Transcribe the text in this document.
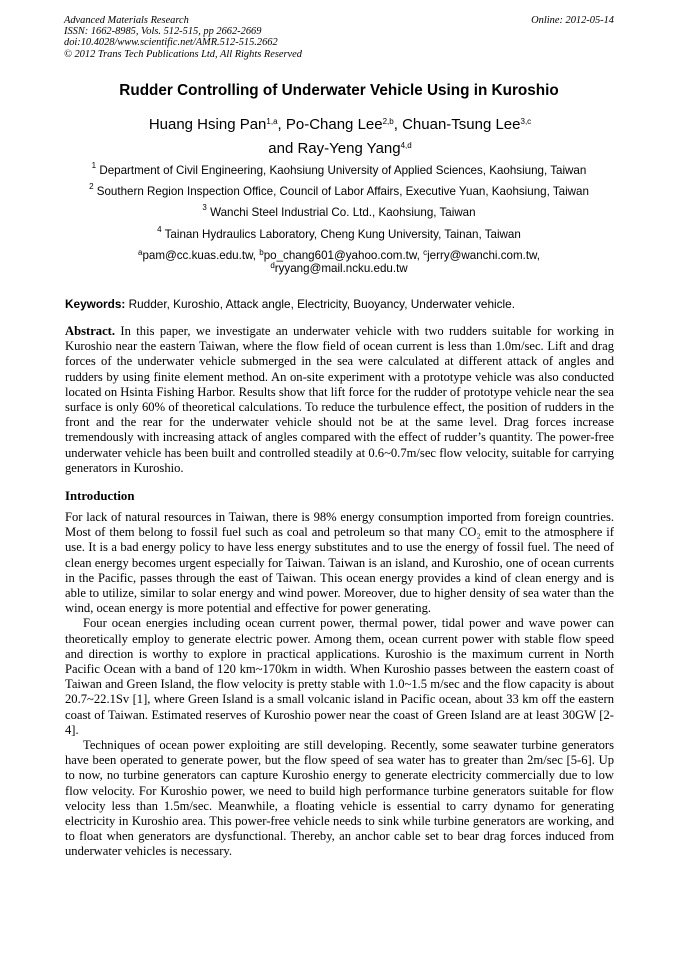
Advanced Materials Research
ISSN: 1662-8985, Vols. 512-515, pp 2662-2669
doi:10.4028/www.scientific.net/AMR.512-515.2662
© 2012 Trans Tech Publications Ltd, All Rights Reserved
Online: 2012-05-14
Rudder Controlling of Underwater Vehicle Using in Kuroshio
Huang Hsing Pan$^{1,a}$, Po-Chang Lee$^{2,b}$, Chuan-Tsung Lee$^{3,c}$
and Ray-Yeng Yang$^{4,d}$
$^1$ Department of Civil Engineering, Kaohsiung University of Applied Sciences, Kaohsiung, Taiwan
$^2$ Southern Region Inspection Office, Council of Labor Affairs, Executive Yuan, Kaohsiung, Taiwan
$^3$ Wanchi Steel Industrial Co. Ltd., Kaohsiung, Taiwan
$^4$ Tainan Hydraulics Laboratory, Cheng Kung University, Tainan, Taiwan
$^a$pam@cc.kuas.edu.tw, $^b$po_chang601@yahoo.com.tw, $^c$jerry@wanchi.com.tw,
$^d$ryyang@mail.ncku.edu.tw
Keywords: Rudder, Kuroshio, Attack angle, Electricity, Buoyancy, Underwater vehicle.

Abstract. In this paper, we investigate an underwater vehicle with two rudders suitable for working in Kuroshio near the eastern Taiwan, where the flow field of ocean current is less than 1.0m/sec. Lift and drag forces of the underwater vehicle submerged in the sea were calculated at different attack of angles and rudders by using finite element method. An on-site experiment with a prototype vehicle was also conducted located on Hsinta Fishing Harbor. Results show that lift force for the rudder of prototype vehicle near the sea surface is only 60% of theoretical calculations. To reduce the turbulence effect, the position of rudders in the front and the rear for the underwater vehicle should not be at the same level. Drag forces increase tremendously with increasing attack of angles compared with the effect of rudder’s quantity. The power-free underwater vehicle has been built and controlled steadily at 0.6~0.7m/sec flow velocity, suitable for carrying generators in Kuroshio.

Introduction

For lack of natural resources in Taiwan, there is 98% energy consumption imported from foreign countries. Most of them belong to fossil fuel such as coal and petroleum so that many CO₂ emit to the atmosphere if use. It is a bad energy policy to have less energy substitutes and to use the energy of fossil fuel. The need of clean energy becomes urgent especially for Taiwan. Taiwan is an island, and Kuroshio, one of ocean currents in the Pacific, passes through the east of Taiwan. This ocean energy provides a kind of clean energy and is able to utilize, similar to solar energy and wind power. Moreover, due to higher density of sea water than the wind, ocean energy is more potential and effective for power generating.

Four ocean energies including ocean current power, thermal power, tidal power and wave power can theoretically employ to generate electric power. Among them, ocean current power with stable flow speed and direction is worthy to explore in practical applications. Kuroshio is the maximum current in North Pacific Ocean with a band of 120 km~170km in width. When Kuroshio passes between the eastern coast of Taiwan and Green Island, the flow velocity is pretty stable with 1.0~1.5 m/sec and the flow capacity is about 20.7~22.1Sv [1], where Green Island is a small volcanic island in Pacific ocean, about 33 km off the eastern coast of Taiwan. Estimated reserves of Kuroshio power near the coast of Green Island are at least 30GW [2-4].

Techniques of ocean power exploiting are still developing. Recently, some seawater turbine generators have been operated to generate power, but the flow speed of sea water has to greater than 2m/sec [5-6]. Up to now, no turbine generators can capture Kuroshio energy to generate electricity commercially due to low flow velocity. For Kuroshio power, we need to build high performance turbine generators suitable for flow velocity less than 1.5m/sec. Meanwhile, a floating vehicle is essential to carry dynamo for generating electricity in Kuroshio area. This power-free vehicle needs to sink while turbine generators are working, and to float when generators are dysfunctional. Thereby, an anchor cable set to bear drag forces induced from underwater vehicles is necessary.
